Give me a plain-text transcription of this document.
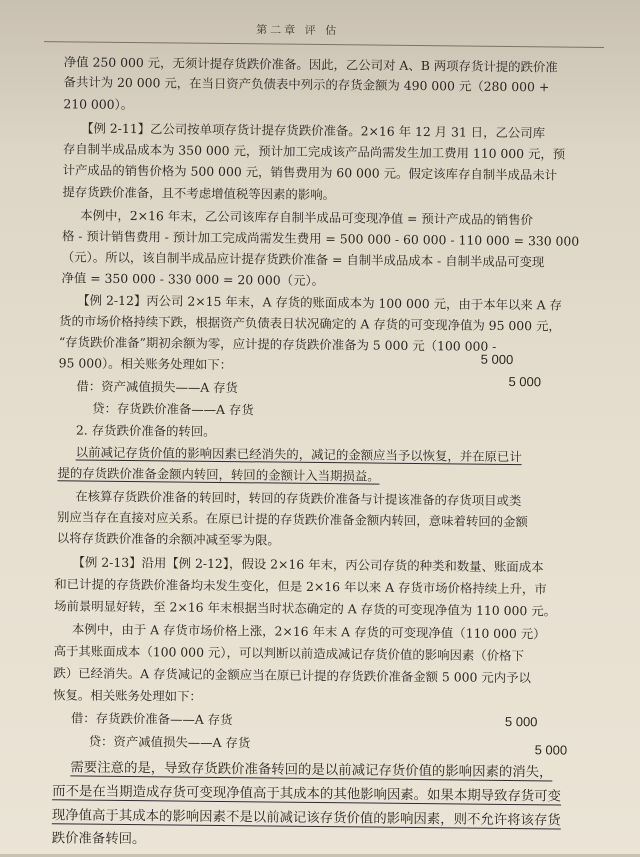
第二章 评 估
净值 250 000 元，无须计提存货跌价准备。因此，乙公司对 A、B 两项存货计提的跌价准
备共计为 20 000 元，在当日资产负债表中列示的存货金额为 490 000 元（280 000 +
210 000）。
【例 2-11】乙公司按单项存货计提存货跌价准备。2×16 年 12 月 31 日，乙公司库
存自制半成品成本为 350 000 元，预计加工完成该产品尚需发生加工费用 110 000 元，预
计产成品的销售价格为 500 000 元，销售费用为 60 000 元。假定该库存自制半成品未计
提存货跌价准备，且不考虑增值税等因素的影响。
本例中，2×16 年末，乙公司该库存自制半成品可变现净值 = 预计产成品的销售价
格 - 预计销售费用 - 预计加工完成尚需发生费用 = 500 000 - 60 000 - 110 000 = 330 000
（元）。所以，该自制半成品应计提存货跌价准备 = 自制半成品成本 - 自制半成品可变现
净值 = 350 000 - 330 000 = 20 000（元）。
【例 2-12】丙公司 2×15 年末，A 存货的账面成本为 100 000 元，由于本年以来 A 存
货的市场价格持续下跌，根据资产负债表日状况确定的 A 存货的可变现净值为 95 000 元，
“存货跌价准备”期初余额为零，应计提的存货跌价准备为 5 000 元（100 000 -
95 000）。相关账务处理如下：
借：资产减值损失——A 存货
5 000
贷：存货跌价准备——A 存货
5 000
2. 存货跌价准备的转回。
以前减记存货价值的影响因素已经消失的，减记的金额应当予以恢复，并在原已计
提的存货跌价准备金额内转回，转回的金额计入当期损益。
在核算存货跌价准备的转回时，转回的存货跌价准备与计提该准备的存货项目或类
别应当存在直接对应关系。在原已计提的存货跌价准备金额内转回，意味着转回的金额
以将存货跌价准备的余额冲减至零为限。
【例 2-13】沿用【例 2-12】，假设 2×16 年末，丙公司存货的种类和数量、账面成本
和已计提的存货跌价准备均未发生变化，但是 2×16 年以来 A 存货市场价格持续上升，市
场前景明显好转，至 2×16 年末根据当时状态确定的 A 存货的可变现净值为 110 000 元。
本例中，由于 A 存货市场价格上涨，2×16 年末 A 存货的可变现净值（110 000 元）
高于其账面成本（100 000 元），可以判断以前造成减记存货价值的影响因素（价格下
跌）已经消失。A 存货减记的金额应当在原已计提的存货跌价准备金额 5 000 元内予以
恢复。相关账务处理如下：
借：存货跌价准备——A 存货	5 000
贷：资产减值损失——A 存货	5 000
需要注意的是，导致存货跌价准备转回的是以前减记存货价值的影响因素的消失，
而不是在当期造成存货可变现净值高于其成本的其他影响因素。如果本期导致存货可变
现净值高于其成本的影响因素不是以前减记该存货价值的影响因素，则不允许将该存货
跌价准备转回。
